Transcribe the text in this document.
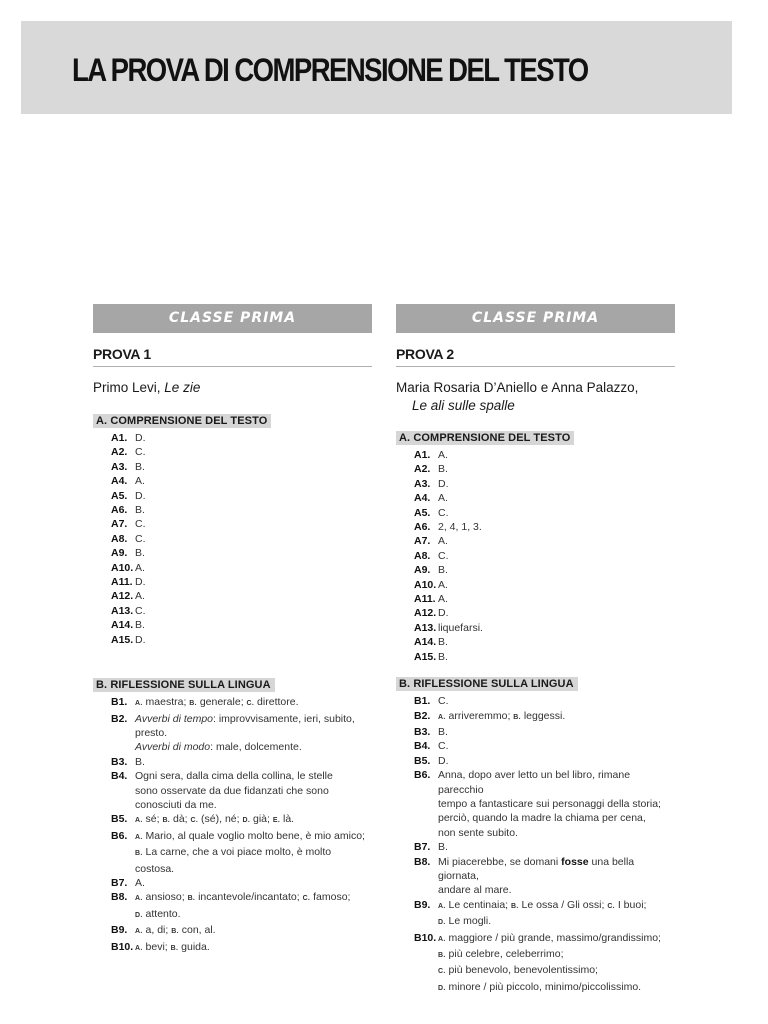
LA PROVA DI COMPRENSIONE DEL TESTO
CLASSE PRIMA
PROVA 1
Primo Levi, Le zie
A. COMPRENSIONE DEL TESTO
A1. D.
A2. C.
A3. B.
A4. A.
A5. D.
A6. B.
A7. C.
A8. C.
A9. B.
A10. A.
A11. D.
A12. A.
A13. C.
A14. B.
A15. D.
B. RIFLESSIONE SULLA LINGUA
B1. A. maestra; B. generale; C. direttore.
B2. Avverbi di tempo: improvvisamente, ieri, subito,
presto.
Avverbi di modo: male, dolcemente.
B3. B.
B4. Ogni sera, dalla cima della collina, le stelle
sono osservate da due fidanzati che sono
conosciuti da me.
B5. A. sé; B. dà; C. (sé), né; D. già; E. là.
B6. A. Mario, al quale voglio molto bene, è mio amico;
B. La carne, che a voi piace molto, è molto costosa.
B7. A.
B8. A. ansioso; B. incantevole/incantato; C. famoso;
D. attento.
B9. A. a, di; B. con, al.
B10. A. bevi; B. guida.
CLASSE PRIMA
PROVA 2
Maria Rosaria D’Aniello e Anna Palazzo,
Le ali sulle spalle
A. COMPRENSIONE DEL TESTO
A1. A.
A2. B.
A3. D.
A4. A.
A5. C.
A6. 2, 4, 1, 3.
A7. A.
A8. C.
A9. B.
A10. A.
A11. A.
A12. D.
A13. liquefarsi.
A14. B.
A15. B.
B. RIFLESSIONE SULLA LINGUA
B1. C.
B2. A. arriveremmo; B. leggessi.
B3. B.
B4. C.
B5. D.
B6. Anna, dopo aver letto un bel libro, rimane parecchio
tempo a fantasticare sui personaggi della storia;
perciò, quando la madre la chiama per cena,
non sente subito.
B7. B.
B8. Mi piacerebbe, se domani fosse una bella giornata,
andare al mare.
B9. A. Le centinaia; B. Le ossa / Gli ossi; C. I buoi;
D. Le mogli.
B10. A. maggiore / più grande, massimo/grandissimo;
B. più celebre, celeberrimo;
C. più benevolo, benevolentissimo;
D. minore / più piccolo, minimo/piccolissimo.
